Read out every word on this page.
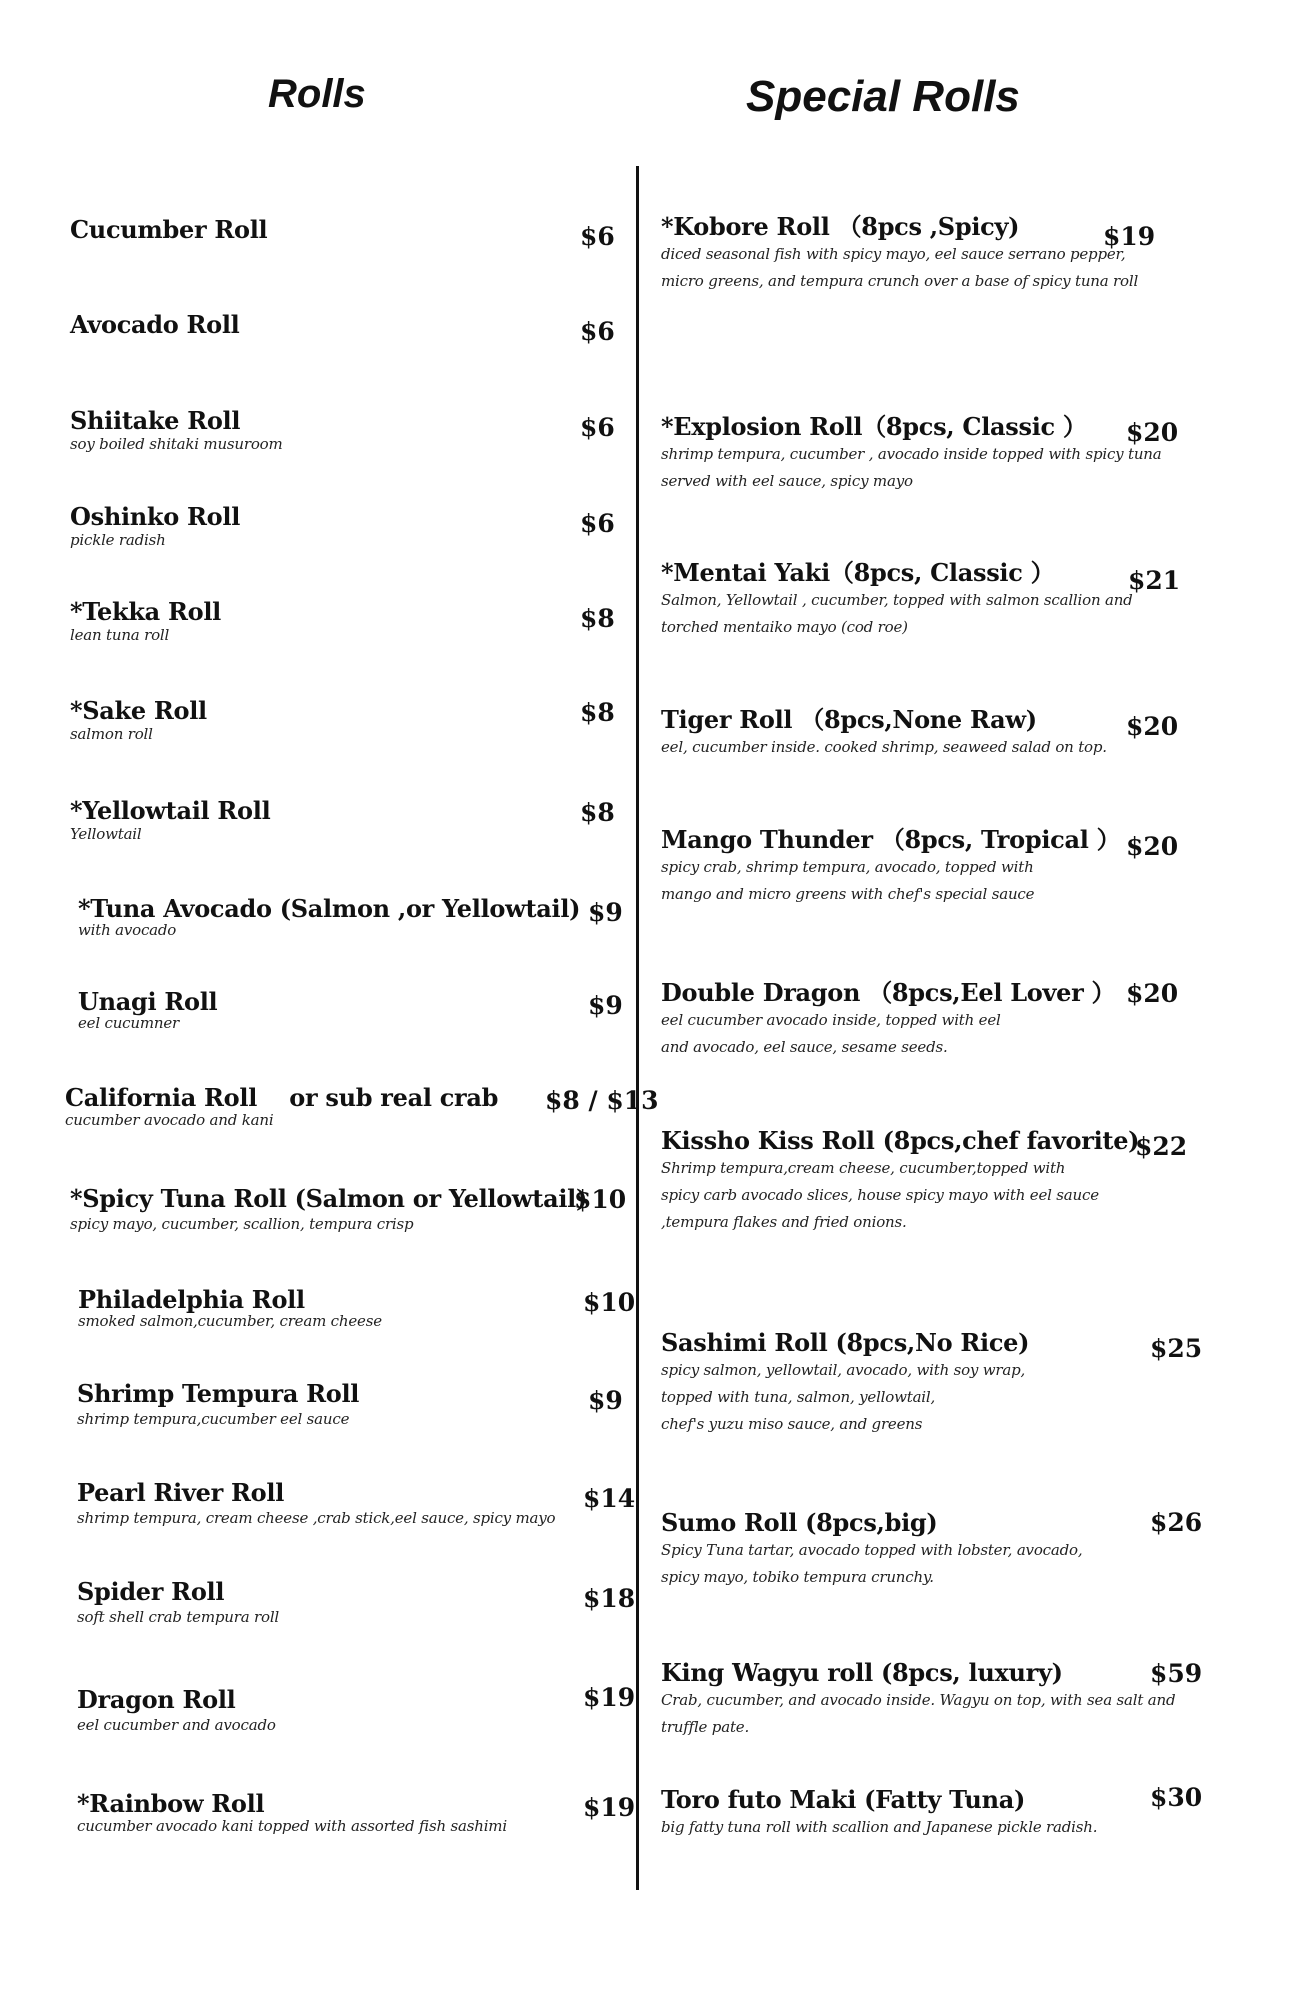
Rolls	Special Rolls
Cucumber Roll	$6
Avocado Roll	$6
Shiitake Roll
soy boiled shitaki musuroom
$6
Oshinko Roll
pickle radish
$6
*Tekka Roll
lean tuna roll
$8
*Sake Roll
salmon roll
$8
*Yellowtail Roll
Yellowtail
$8
*Tuna Avocado (Salmon ,or Yellowtail)
with avocado
$9
Unagi Roll
eel cucumner
$9
California Roll    or sub real crab
cucumber avocado and kani
$8 / $13
*Spicy Tuna Roll (Salmon or Yellowtail)
spicy mayo, cucumber, scallion, tempura crisp
$10
Philadelphia Roll
smoked salmon,cucumber, cream cheese
$10
Shrimp Tempura Roll
shrimp tempura,cucumber eel sauce
$9
Pearl River Roll
shrimp tempura, cream cheese ,crab stick,eel sauce, spicy mayo
$14
Spider Roll
soft shell crab tempura roll
$18
Dragon Roll
eel cucumber and avocado
$19
*Rainbow Roll
cucumber avocado kani topped with assorted fish sashimi
$19
*Kobore Roll （8pcs ,Spicy)
diced seasonal fish with spicy mayo, eel sauce serrano pepper,
micro greens, and tempura crunch over a base of spicy tuna roll
$19
*Explosion Roll（8pcs, Classic ）
shrimp tempura, cucumber , avocado inside topped with spicy tuna
served with eel sauce, spicy mayo
$20
*Mentai Yaki（8pcs, Classic ）
Salmon, Yellowtail , cucumber, topped with salmon scallion and
torched mentaiko mayo (cod roe)
$21
Tiger Roll （8pcs,None Raw)
eel, cucumber inside. cooked shrimp, seaweed salad on top.
$20
Mango Thunder （8pcs, Tropical ）
spicy crab, shrimp tempura, avocado, topped with
mango and micro greens with chef's special sauce
$20
Double Dragon （8pcs,Eel Lover ）
eel cucumber avocado inside, topped with eel
and avocado, eel sauce, sesame seeds.
$20
Kissho Kiss Roll (8pcs,chef favorite)
Shrimp tempura,cream cheese, cucumber,topped with
spicy carb avocado slices, house spicy mayo with eel sauce
,tempura flakes and fried onions.
$22
Sashimi Roll (8pcs,No Rice)
spicy salmon, yellowtail, avocado, with soy wrap,
topped with tuna, salmon, yellowtail,
chef's yuzu miso sauce, and greens
$25
Sumo Roll (8pcs,big)
Spicy Tuna tartar, avocado topped with lobster, avocado,
spicy mayo, tobiko tempura crunchy.
$26
King Wagyu roll (8pcs, luxury)
Crab, cucumber, and avocado inside. Wagyu on top, with sea salt and
truffle pate.
$59
Toro futo Maki (Fatty Tuna)
big fatty tuna roll with scallion and Japanese pickle radish.
$30
